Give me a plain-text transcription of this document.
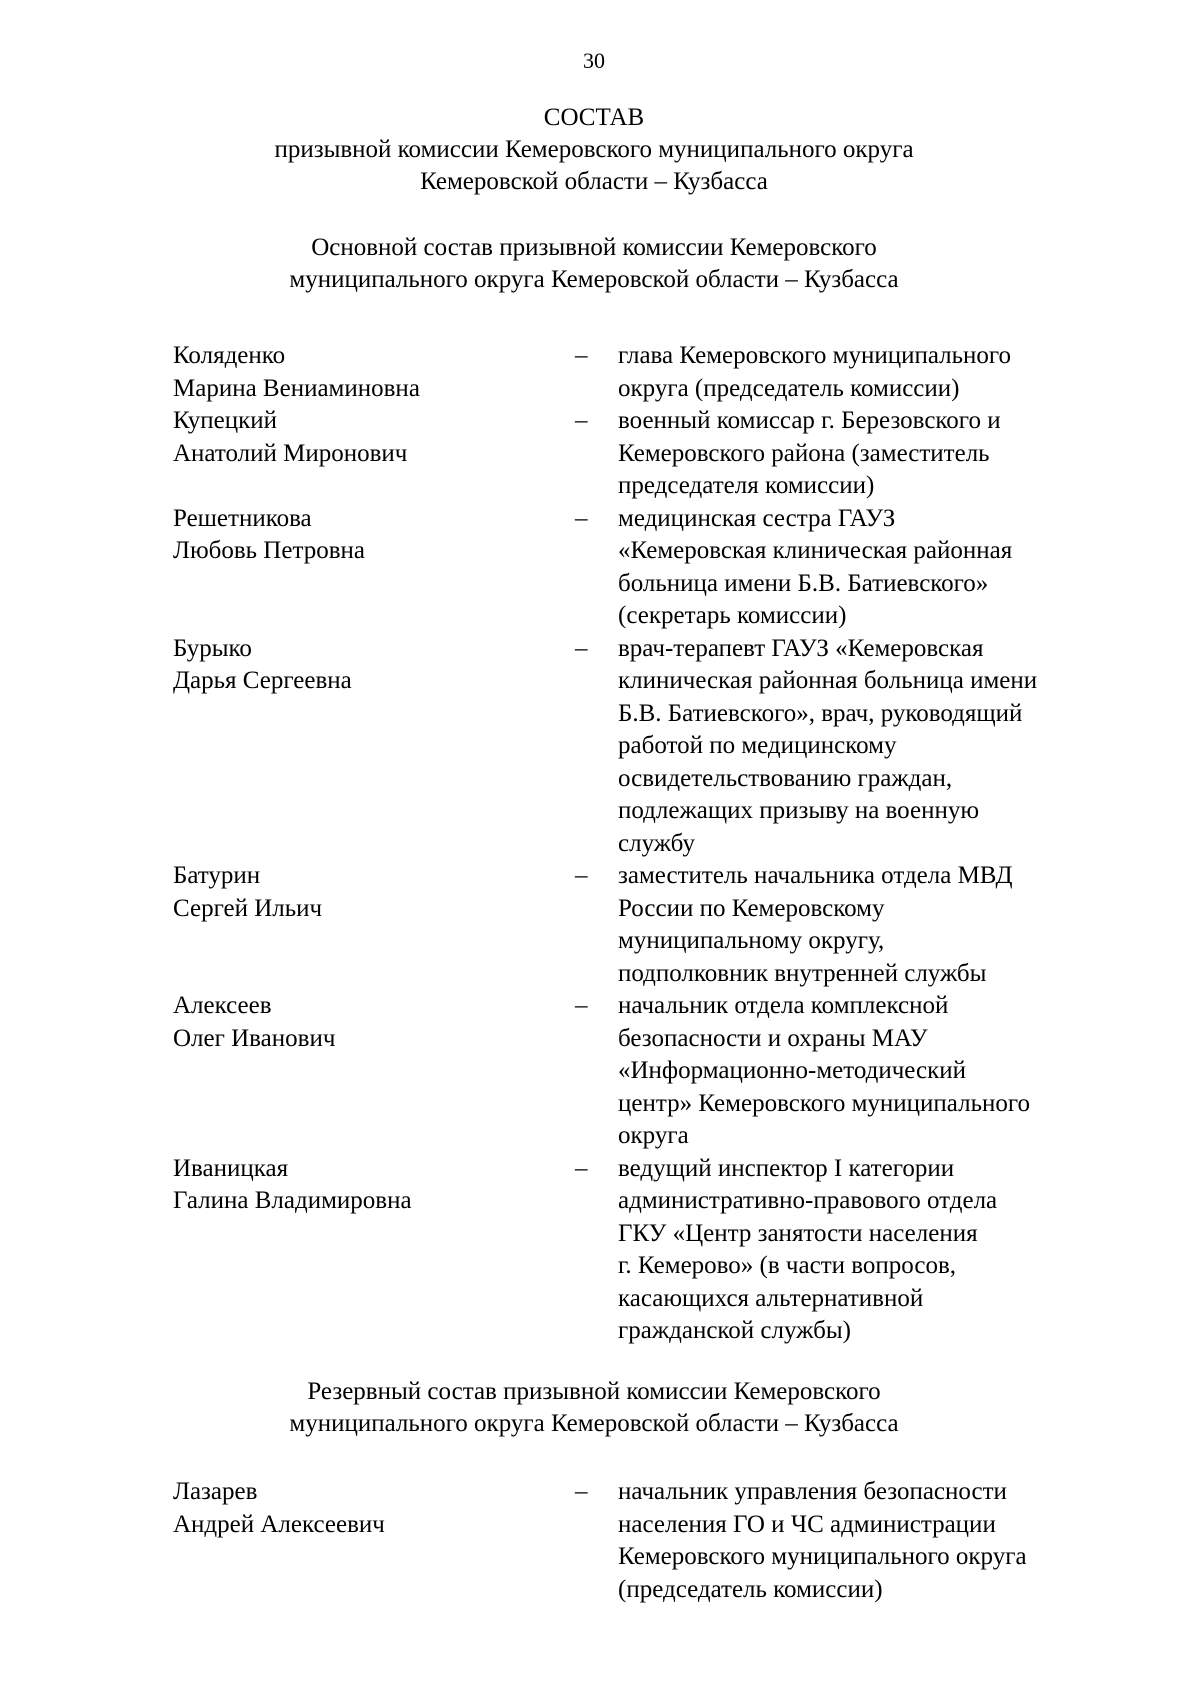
30
СОСТАВ
призывной комиссии Кемеровского муниципального округа
Кемеровской области – Кузбасса
Основной состав призывной комиссии Кемеровского
муниципального округа Кемеровской области – Кузбасса
Коляденко
Марина Вениаминовна
– глава Кемеровского муниципального
округа (председатель комиссии)
Купецкий
Анатолий Миронович
– военный комиссар г. Березовского и
Кемеровского района (заместитель
председателя комиссии)
Решетникова
Любовь Петровна
– медицинская сестра ГАУЗ
«Кемеровская клиническая районная
больница имени Б.В. Батиевского»
(секретарь комиссии)
Бурыко
Дарья Сергеевна
– врач-терапевт ГАУЗ «Кемеровская
клиническая районная больница имени
Б.В. Батиевского», врач, руководящий
работой по медицинскому
освидетельствованию граждан,
подлежащих призыву на военную
службу
Батурин
Сергей Ильич
– заместитель начальника отдела МВД
России по Кемеровскому
муниципальному округу,
подполковник внутренней службы
Алексеев
Олег Иванович
– начальник отдела комплексной
безопасности и охраны МАУ
«Информационно-методический
центр» Кемеровского муниципального
округа
Иваницкая
Галина Владимировна
– ведущий инспектор I категории
административно-правового отдела
ГКУ «Центр занятости населения
г. Кемерово» (в части вопросов,
касающихся альтернативной
гражданской службы)
Резервный состав призывной комиссии Кемеровского
муниципального округа Кемеровской области – Кузбасса
Лазарев
Андрей Алексеевич
– начальник управления безопасности
населения ГО и ЧС администрации
Кемеровского муниципального округа
(председатель комиссии)
